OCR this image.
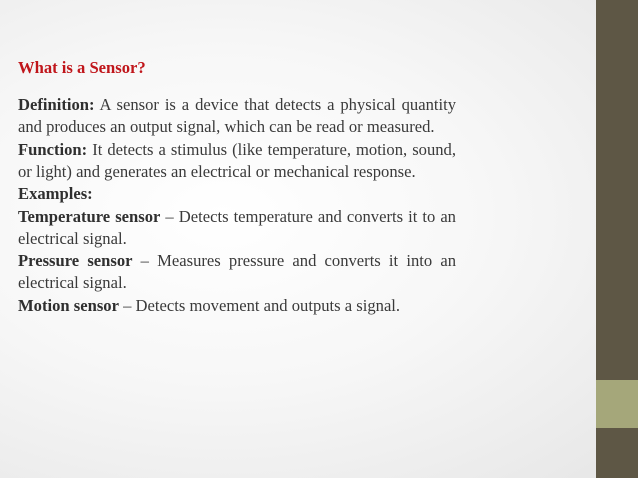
What is a Sensor?

Definition: A sensor is a device that detects a physical quantity and produces an output signal, which can be read or measured.

Function: It detects a stimulus (like temperature, motion, sound, or light) and generates an electrical or mechanical response.

Examples:

Temperature sensor – Detects temperature and converts it to an electrical signal.

Pressure sensor – Measures pressure and converts it into an electrical signal.

Motion sensor – Detects movement and outputs a signal.
